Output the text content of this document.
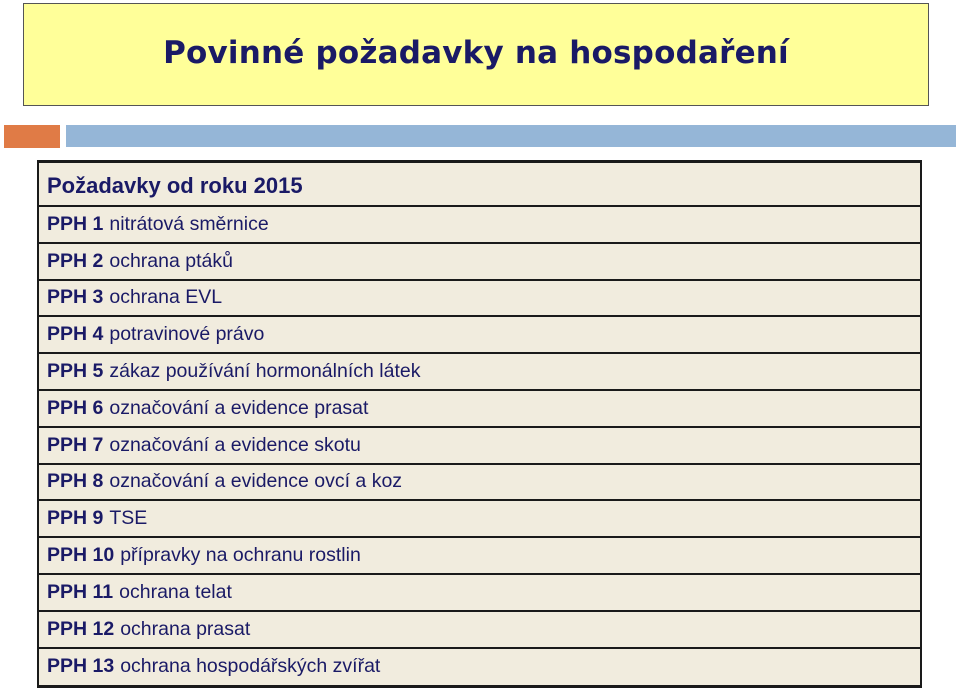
Povinné požadavky na hospodaření
Požadavky od roku 2015
PPH 1 nitrátová směrnice
PPH 2 ochrana ptáků
PPH 3 ochrana EVL
PPH 4 potravinové právo
PPH 5 zákaz používání hormonálních látek
PPH 6 označování a evidence prasat
PPH 7 označování a evidence skotu
PPH 8 označování a evidence ovcí a koz
PPH 9 TSE
PPH 10 přípravky na ochranu rostlin
PPH 11 ochrana telat
PPH 12 ochrana prasat
PPH 13 ochrana hospodářských zvířat
